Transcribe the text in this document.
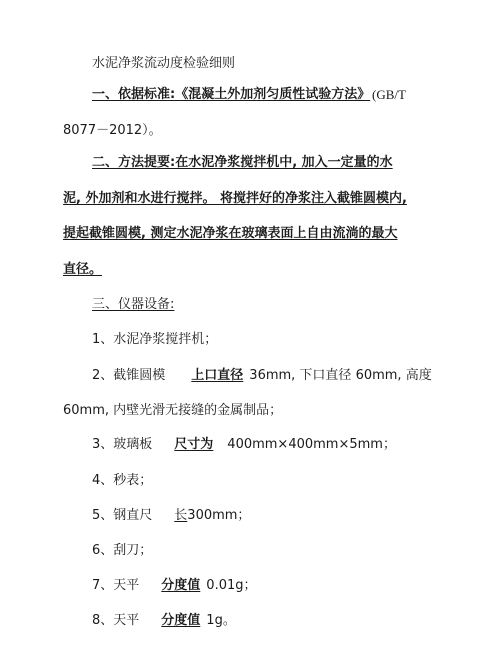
水泥净浆流动度检验细则
一、依据标准:《混凝土外加剂匀质性试验方法》 (GB/T
8077－2012）。
二、方法提要:在水泥净浆搅拌机中, 加入一定量的水
泥, 外加剂和水进行搅拌。 将搅拌好的净浆注入截锥圆模内,
提起截锥圆模, 测定水泥净浆在玻璃表面上自由流淌的最大
直径。
三、仪器设备:
1、水泥净浆搅拌机；
2、截锥圆模 上口直径 36mm, 下口直径 60mm, 高度
60mm, 内壁光滑无接缝的金属制品；
3、玻璃板 尺寸为 400mm×400mm×5mm；
4、秒表；
5、钢直尺 长300mm；
6、刮刀；
7、天平 分度值 0.01g；
8、天平 分度值 1g。
